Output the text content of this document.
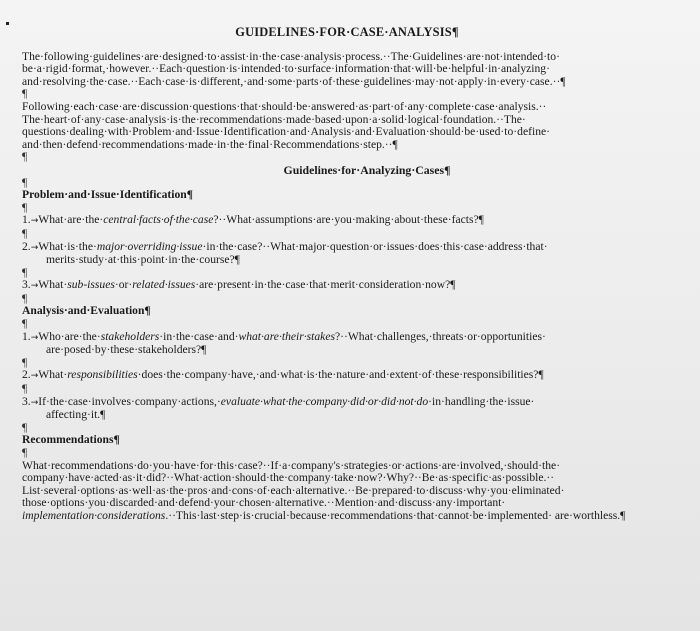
GUIDELINES·FOR·CASE·ANALYSIS¶

The·following·guidelines·are·designed·to·assist·in·the·case·analysis·process.··The·Guidelines·are·not·intended·to· be·a·rigid·format,·however.··Each·question·is·intended·to·surface·information·that·will·be·helpful·in·analyzing· and·resolving·the·case.··Each·case·is·different,·and·some·parts·of·these·guidelines·may·not·apply·in·every·case.··¶

¶

Following·each·case·are·discussion·questions·that·should·be·answered·as·part·of·any·complete·case·analysis.·· The·heart·of·any·case·analysis·is·the·recommendations·made·based·upon·a·solid·logical·foundation.··The· questions·dealing·with·Problem·and·Issue·Identification·and·Analysis·and·Evaluation·should·be·used·to·define· and·then·defend·recommendations·made·in·the·final·Recommendations·step.··¶

¶

Guidelines·for·Analyzing·Cases¶

¶

Problem·and·Issue·Identification¶

¶

1.→What·are·the·central·facts·of·the·case?··What·assumptions·are·you·making·about·these·facts?¶

¶

2.→What·is·the·major·overriding·issue·in·the·case?··What·major·question·or·issues·does·this·case·address·that·
merits·study·at·this·point·in·the·course?¶

¶

3.→What·sub-issues·or·related·issues·are·present·in·the·case·that·merit·consideration·now?¶

¶

Analysis·and·Evaluation¶

¶

1.→Who·are·the·stakeholders·in·the·case·and·what·are·their·stakes?··What·challenges,·threats·or·opportunities·
are·posed·by·these·stakeholders?¶

¶

2.→What·responsibilities·does·the·company·have,·and·what·is·the·nature·and·extent·of·these·responsibilities?¶

¶

3.→If·the·case·involves·company·actions,·evaluate·what·the·company·did·or·did·not·do·in·handling·the·issue·
affecting·it.¶

¶

Recommendations¶

¶

What·recommendations·do·you·have·for·this·case?··If·a·company's·strategies·or·actions·are·involved,·should·the· company·have·acted·as·it·did?··What·action·should·the·company·take·now?·Why?··Be·as·specific·as·possible.·· List·several·options·as·well·as·the·pros·and·cons·of·each·alternative.··Be·prepared·to·discuss·why·you·eliminated· those·options·you·discarded·and·defend·your·chosen·alternative.··Mention·and·discuss·any·important· implementation·considerations.··This·last·step·is·crucial·because·recommendations·that·cannot·be·implemented· are·worthless.¶
